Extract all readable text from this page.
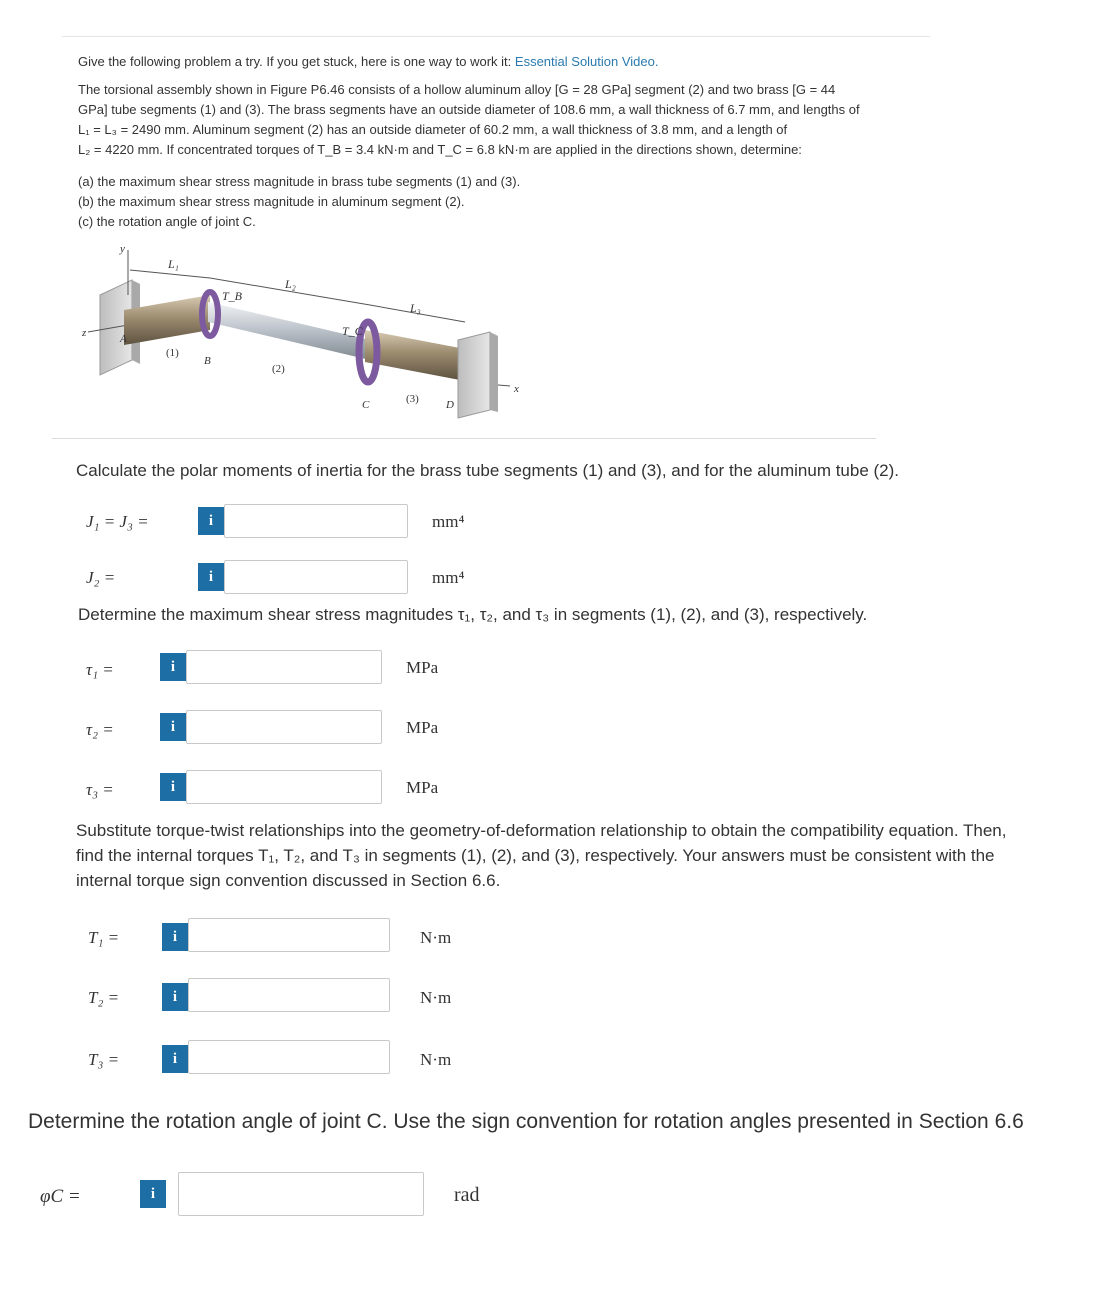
Give the following problem a try. If you get stuck, here is one way to work it: Essential Solution Video.
The torsional assembly shown in Figure P6.46 consists of a hollow aluminum alloy [G = 28 GPa] segment (2) and two brass [G = 44
GPa] tube segments (1) and (3). The brass segments have an outside diameter of 108.6 mm, a wall thickness of 6.7 mm, and lengths of
L₁ = L₃ = 2490 mm. Aluminum segment (2) has an outside diameter of 60.2 mm, a wall thickness of 3.8 mm, and a length of
L₂ = 4220 mm. If concentrated torques of T_B = 3.4 kN·m and T_C = 6.8 kN·m are applied in the directions shown, determine:
(a) the maximum shear stress magnitude in brass tube segments (1) and (3).
(b) the maximum shear stress magnitude in aluminum segment (2).
(c) the rotation angle of joint C.
y
z
x
L₁
L₂
L₃
T_B
T_C
A
B
C	D
(1)
(2)
(3)
Calculate the polar moments of inertia for the brass tube segments (1) and (3), and for the aluminum tube (2).
J₁ = J₃ =	i	mm⁴
J₂ =	i	mm⁴
Determine the maximum shear stress magnitudes τ₁, τ₂, and τ₃ in segments (1), (2), and (3), respectively.
τ₁ =	i	MPa
τ₂ =	i	MPa
τ₃ =	i	MPa
Substitute torque-twist relationships into the geometry-of-deformation relationship to obtain the compatibility equation. Then,
find the internal torques T₁, T₂, and T₃ in segments (1), (2), and (3), respectively. Your answers must be consistent with the
internal torque sign convention discussed in Section 6.6.
T₁ =	i	N·m
T₂ =	i	N·m
T₃ =	i	N·m
Determine the rotation angle of joint C. Use the sign convention for rotation angles presented in Section 6.6
φC =	i	rad
